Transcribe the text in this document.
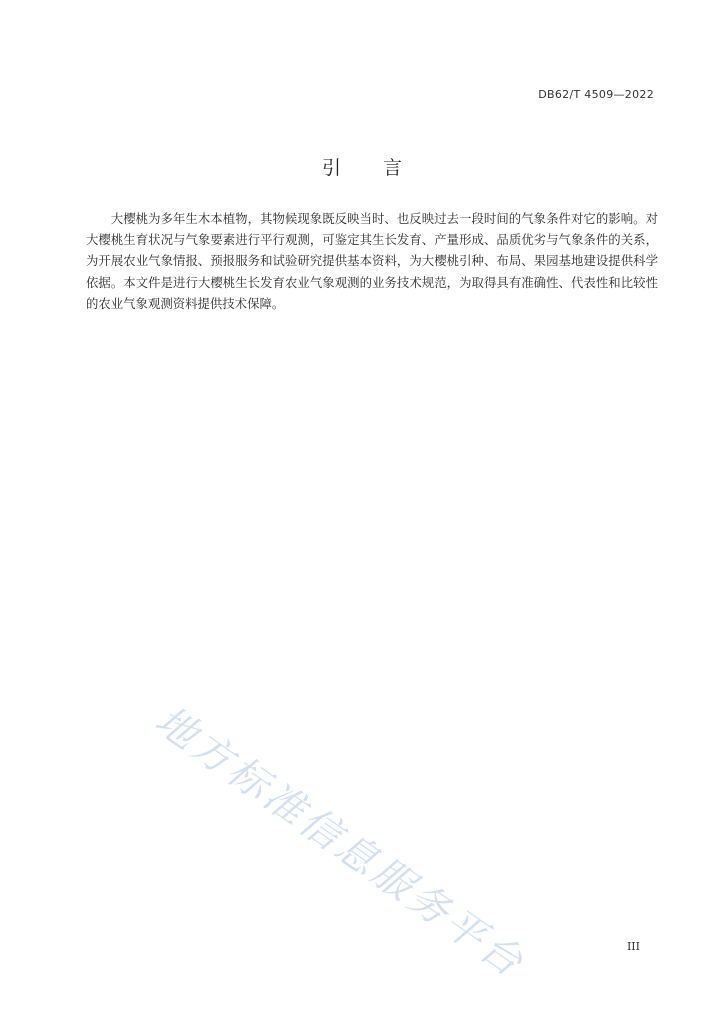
DB62/T 4509—2022
引言

大樱桃为多年生木本植物，其物候现象既反映当时、也反映过去一段时间的气象条件对它的影响。对大樱桃生育状况与气象要素进行平行观测，可鉴定其生长发育、产量形成、品质优劣与气象条件的关系，为开展农业气象情报、预报服务和试验研究提供基本资料，为大樱桃引种、布局、果园基地建设提供科学依据。本文件是进行大樱桃生长发育农业气象观测的业务技术规范，为取得具有准确性、代表性和比较性的农业气象观测资料提供技术保障。

地方标准信息服务平台	III
